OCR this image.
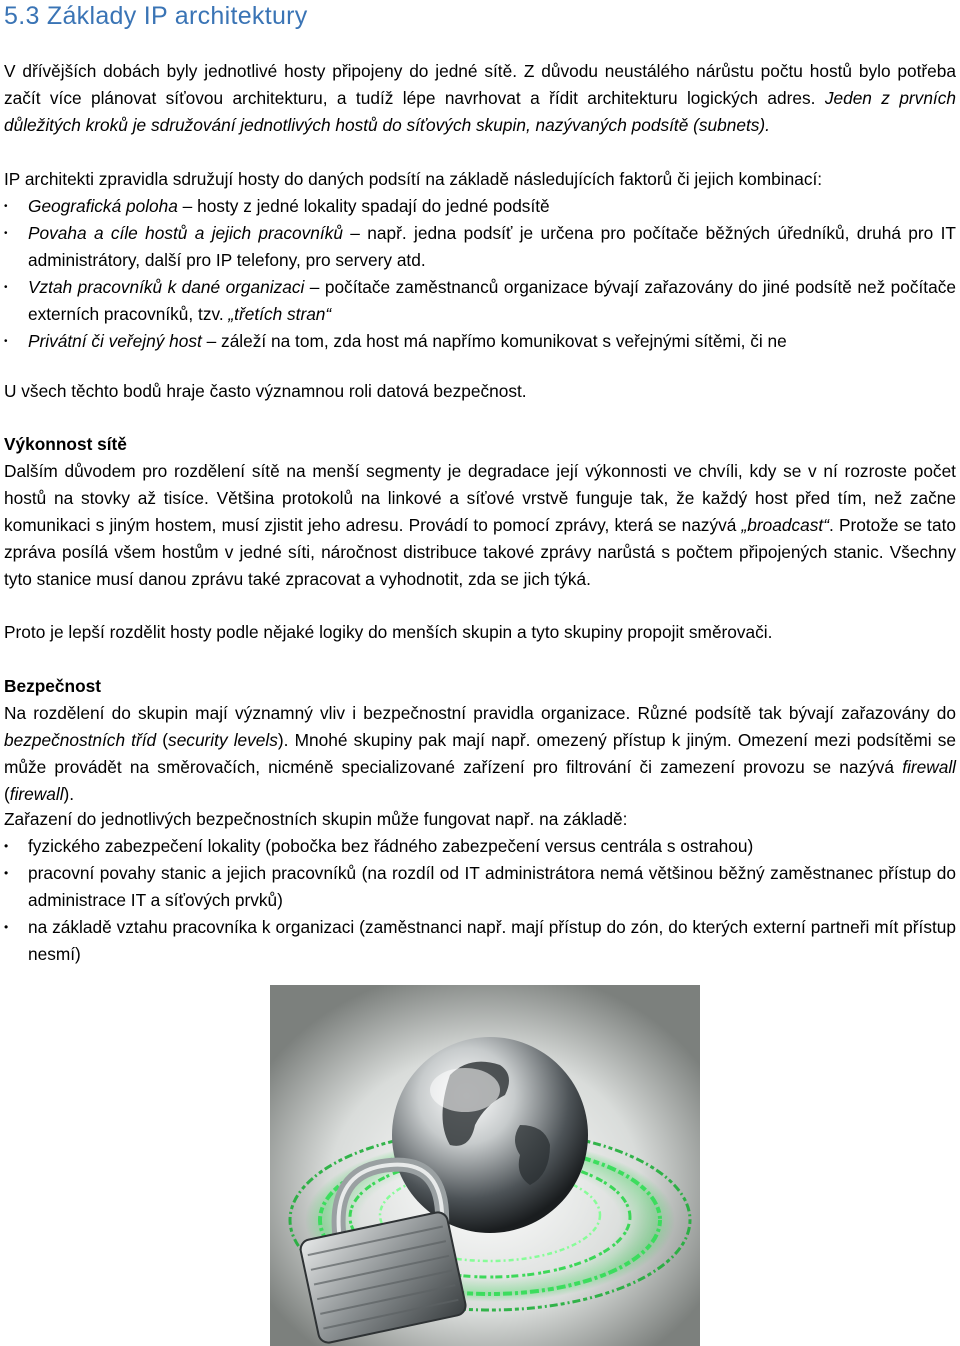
5.3 Základy IP architektury
V dřívějších dobách byly jednotlivé hosty připojeny do jedné sítě. Z důvodu neustálého nárůstu počtu hostů bylo potřeba začít více plánovat síťovou architekturu, a tudíž lépe navrhovat a řídit architekturu logických adres. Jeden z prvních důležitých kroků je sdružování jednotlivých hostů do síťových skupin, nazývaných podsítě (subnets).
IP architekti zpravidla sdružují hosty do daných podsítí na základě následujících faktorů či jejich kombinací:
• Geografická poloha – hosty z jedné lokality spadají do jedné podsítě
• Povaha a cíle hostů a jejich pracovníků – např. jedna podsíť je určena pro počítače běžných úředníků, druhá pro IT administrátory, další pro IP telefony, pro servery atd.
• Vztah pracovníků k dané organizaci – počítače zaměstnanců organizace bývají zařazovány do jiné podsítě než počítače externích pracovníků, tzv. „třetích stran“
• Privátní či veřejný host – záleží na tom, zda host má napřímo komunikovat s veřejnými sítěmi, či ne
U všech těchto bodů hraje často významnou roli datová bezpečnost.
Výkonnost sítě
Dalším důvodem pro rozdělení sítě na menší segmenty je degradace její výkonnosti ve chvíli, kdy se v ní rozroste počet hostů na stovky až tisíce. Většina protokolů na linkové a síťové vrstvě funguje tak, že každý host před tím, než začne komunikaci s jiným hostem, musí zjistit jeho adresu. Provádí to pomocí zprávy, která se nazývá „broadcast“. Protože se tato zpráva posílá všem hostům v jedné síti, náročnost distribuce takové zprávy narůstá s počtem připojených stanic. Všechny tyto stanice musí danou zprávu také zpracovat a vyhodnotit, zda se jich týká.
Proto je lepší rozdělit hosty podle nějaké logiky do menších skupin a tyto skupiny propojit směrovači.
Bezpečnost
Na rozdělení do skupin mají významný vliv i bezpečnostní pravidla organizace. Různé podsítě tak bývají zařazovány do bezpečnostních tříd (security levels). Mnohé skupiny pak mají např. omezený přístup k jiným. Omezení mezi podsítěmi se může provádět na směrovačích, nicméně specializované zařízení pro filtrování či zamezení provozu se nazývá firewall (firewall).
Zařazení do jednotlivých bezpečnostních skupin může fungovat např. na základě:
• fyzického zabezpečení lokality (pobočka bez řádného zabezpečení versus centrála s ostrahou)
• pracovní povahy stanic a jejich pracovníků (na rozdíl od IT administrátora nemá většinou běžný zaměstnanec přístup do administrace IT a síťových prvků)
• na základě vztahu pracovníka k organizaci (zaměstnanci např. mají přístup do zón, do kterých externí partneři mít přístup nesmí)
